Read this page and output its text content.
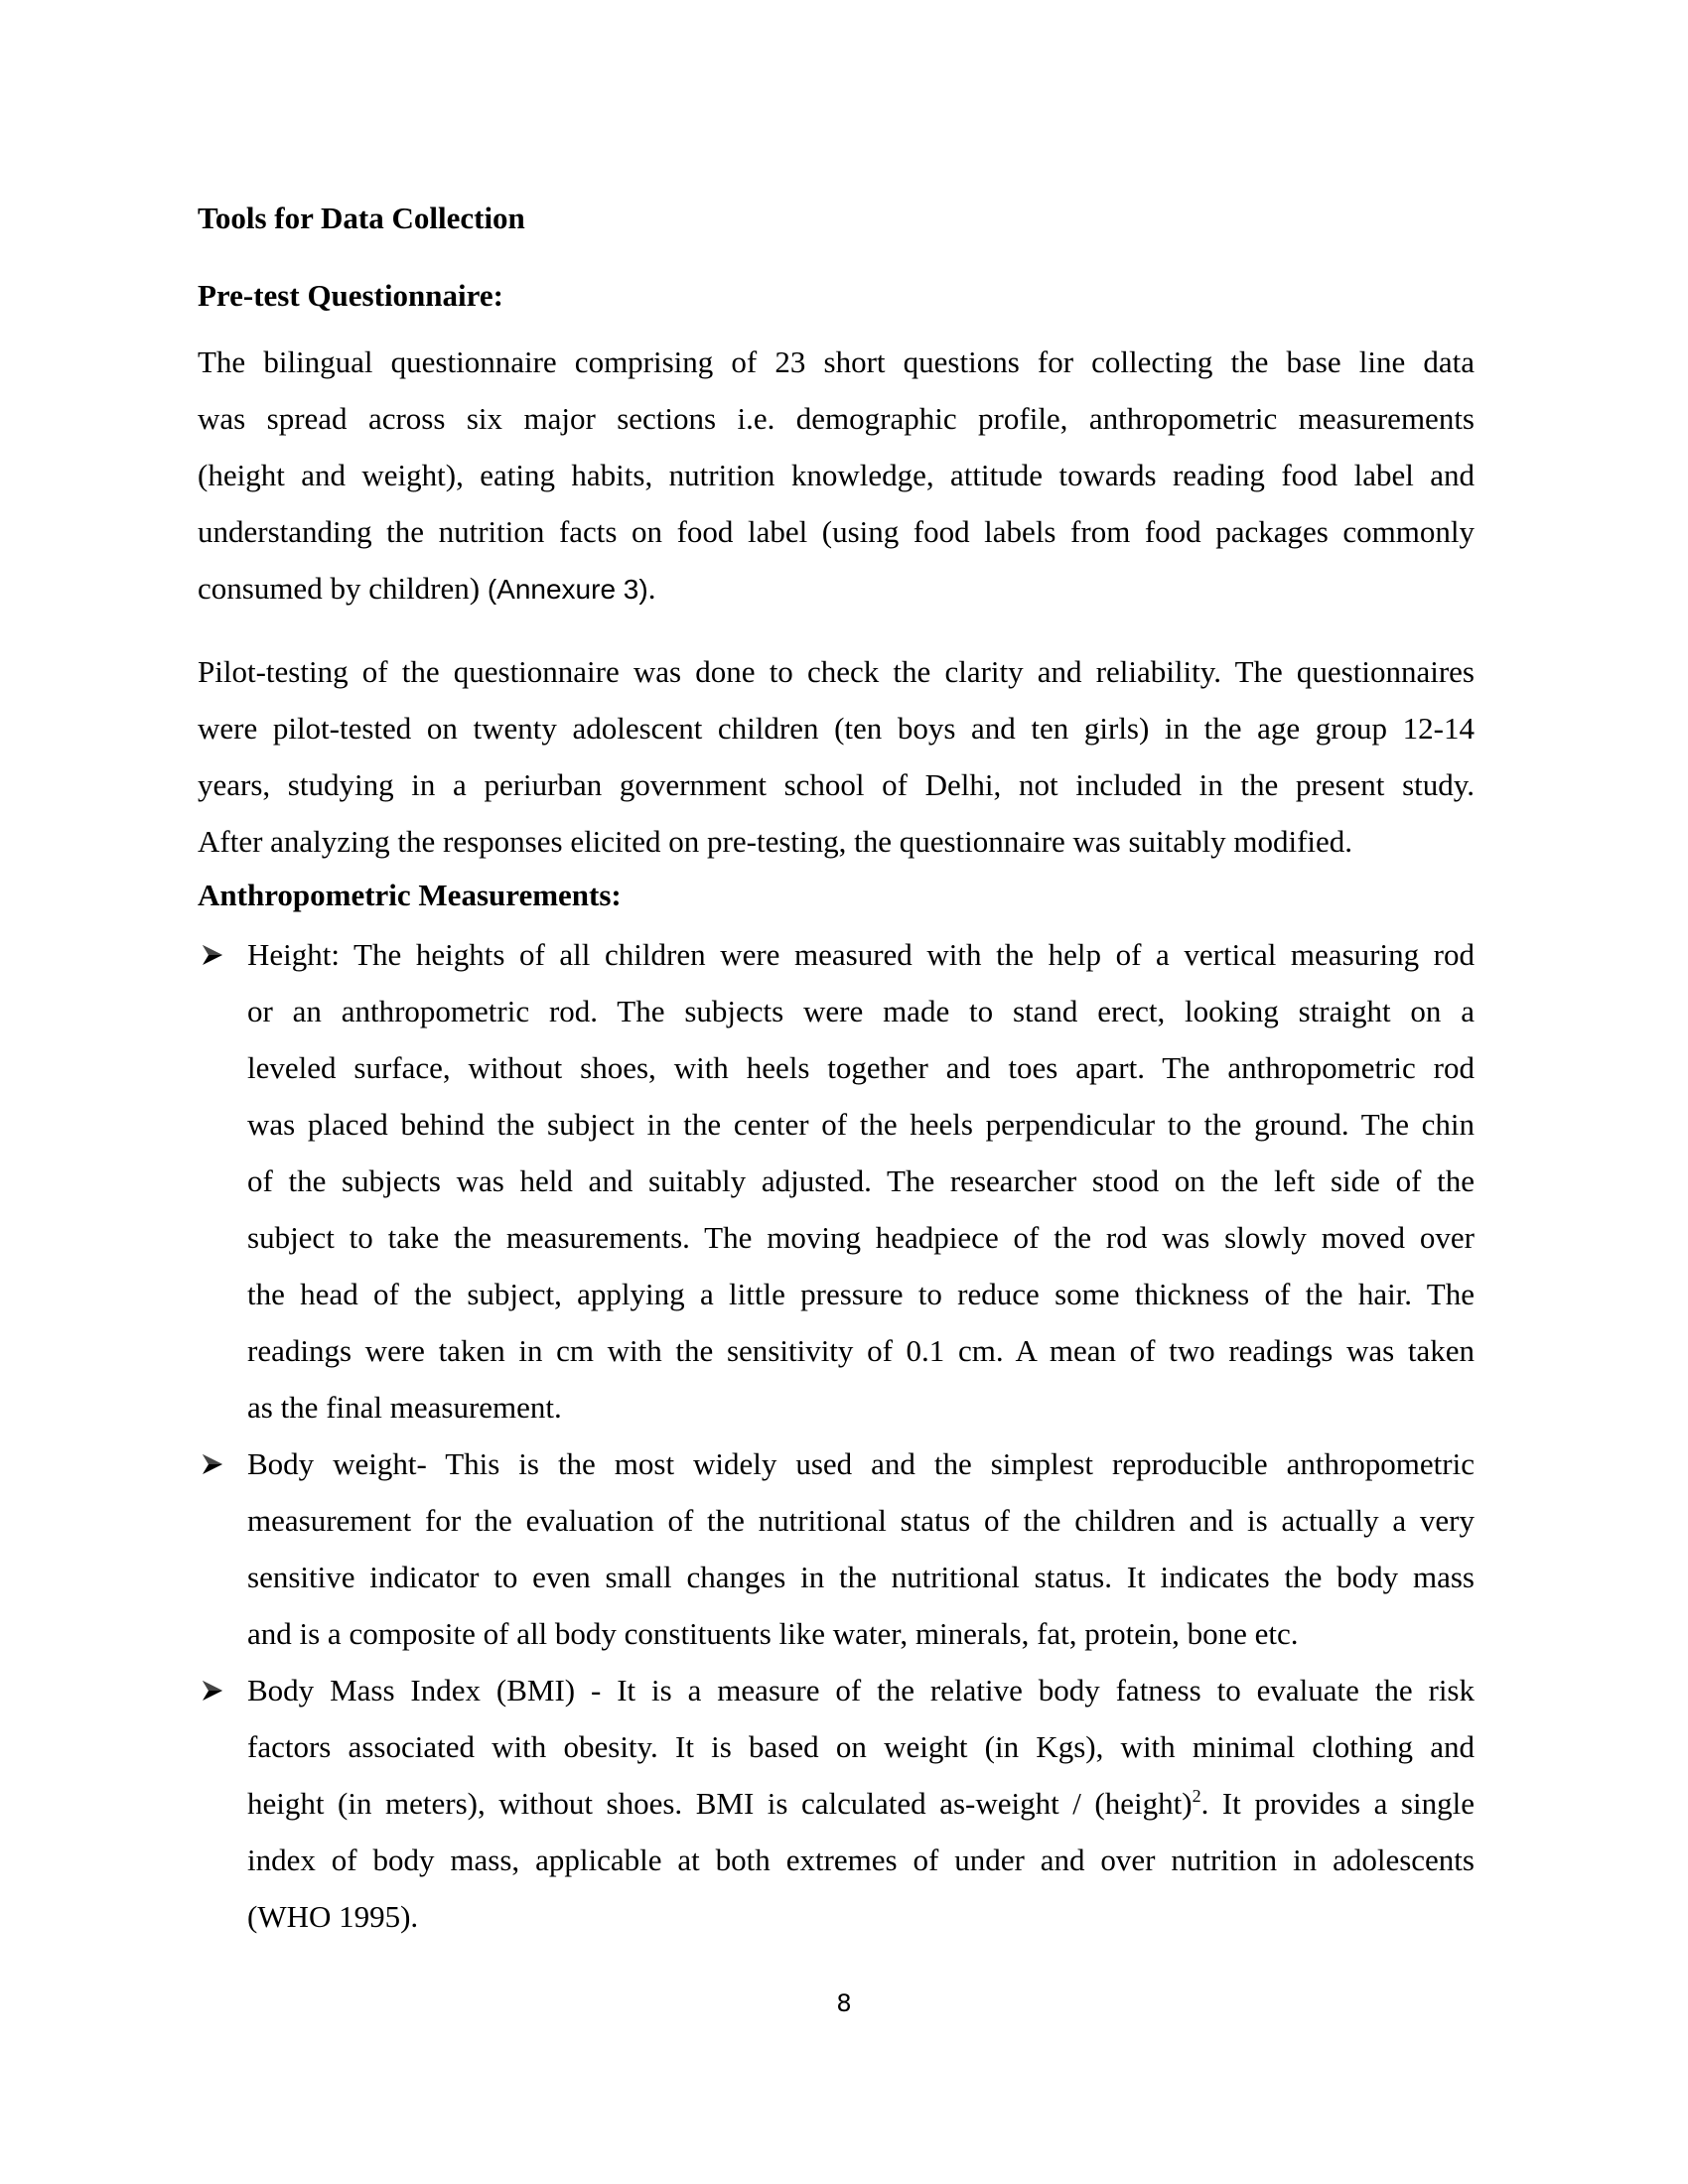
Tools for Data Collection
Pre-test Questionnaire:
The bilingual questionnaire comprising of 23 short questions for collecting the base line data
was spread across six major sections i.e. demographic profile, anthropometric measurements
(height and weight), eating habits, nutrition knowledge, attitude towards reading food label and
understanding the nutrition facts on food label (using food labels from food packages commonly
consumed by children) (Annexure 3).
Pilot-testing of the questionnaire was done to check the clarity and reliability. The questionnaires
were pilot-tested on twenty adolescent children (ten boys and ten girls) in the age group 12-14
years, studying in a periurban government school of Delhi, not included in the present study.
After analyzing the responses elicited on pre-testing, the questionnaire was suitably modified.
Anthropometric Measurements:
Height: The heights of all children were measured with the help of a vertical measuring rod
or an anthropometric rod. The subjects were made to stand erect, looking straight on a
leveled surface, without shoes, with heels together and toes apart. The anthropometric rod
was placed behind the subject in the center of the heels perpendicular to the ground. The chin
of the subjects was held and suitably adjusted. The researcher stood on the left side of the
subject to take the measurements. The moving headpiece of the rod was slowly moved over
the head of the subject, applying a little pressure to reduce some thickness of the hair. The
readings were taken in cm with the sensitivity of 0.1 cm. A mean of two readings was taken
as the final measurement.
Body weight- This is the most widely used and the simplest reproducible anthropometric
measurement for the evaluation of the nutritional status of the children and is actually a very
sensitive indicator to even small changes in the nutritional status. It indicates the body mass
and is a composite of all body constituents like water, minerals, fat, protein, bone etc.
Body Mass Index (BMI) - It is a measure of the relative body fatness to evaluate the risk
factors associated with obesity. It is based on weight (in Kgs), with minimal clothing and
height (in meters), without shoes. BMI is calculated as-weight / (height)$^2$. It provides a single
index of body mass, applicable at both extremes of under and over nutrition in adolescents
(WHO 1995).
8
